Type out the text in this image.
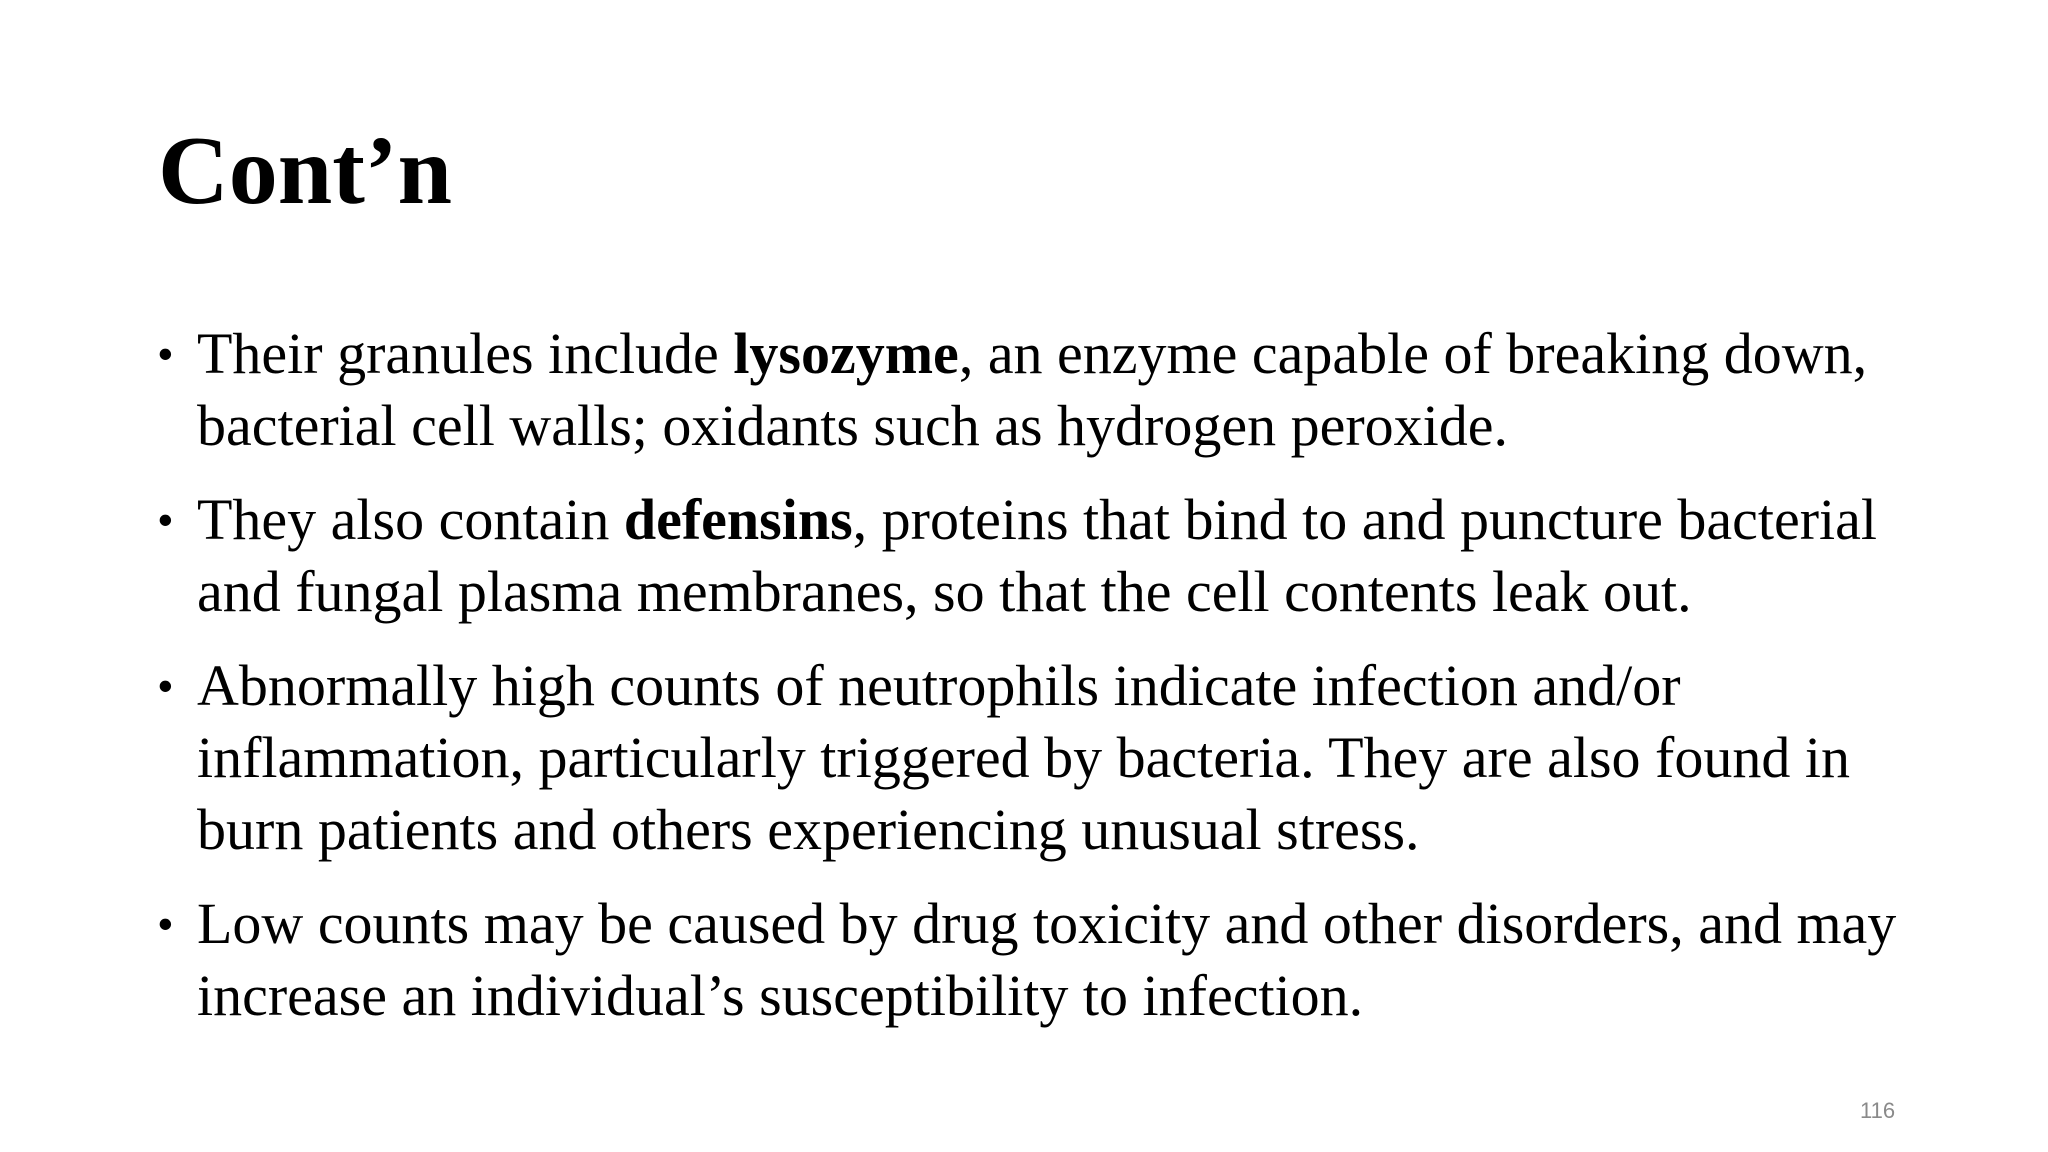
Cont’n
• Their granules include lysozyme, an enzyme capable of breaking down, bacterial cell walls; oxidants such as hydrogen peroxide.
• They also contain defensins, proteins that bind to and puncture bacterial and fungal plasma membranes, so that the cell contents leak out.
• Abnormally high counts of neutrophils indicate infection and/or inflammation, particularly triggered by bacteria. They are also found in burn patients and others experiencing unusual stress.
• Low counts may be caused by drug toxicity and other disorders, and may increase an individual’s susceptibility to infection.
116
